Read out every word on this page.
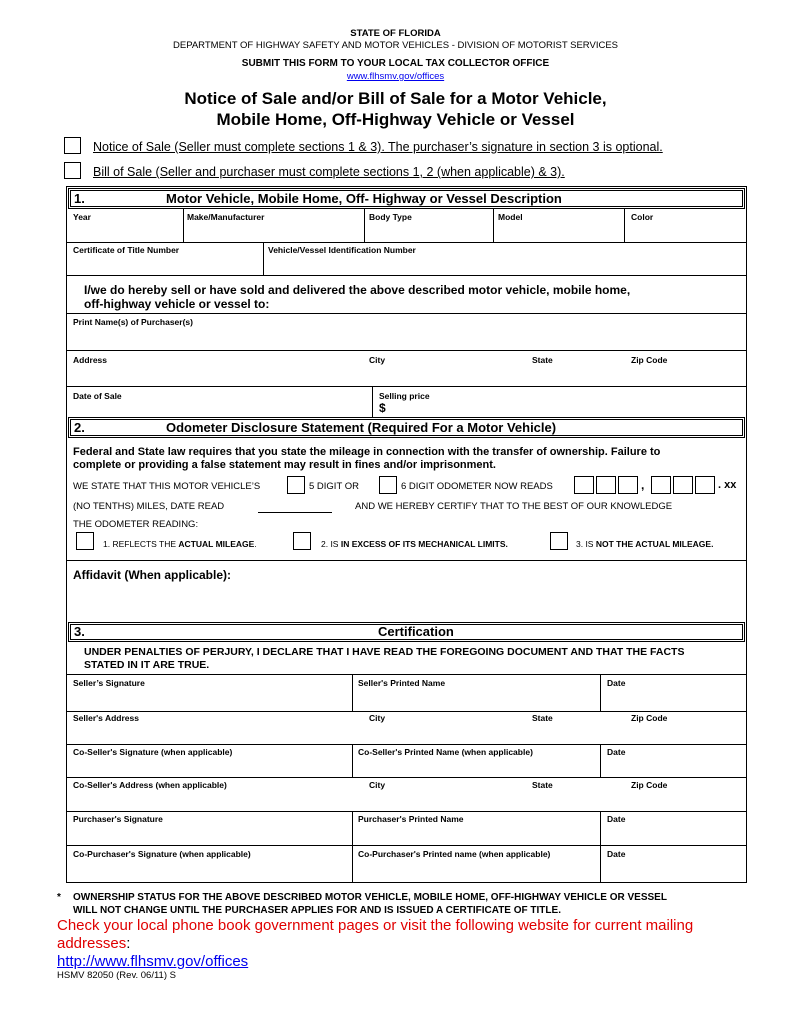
STATE OF FLORIDA
DEPARTMENT OF HIGHWAY SAFETY AND MOTOR VEHICLES - DIVISION OF MOTORIST SERVICES
SUBMIT THIS FORM TO YOUR LOCAL TAX COLLECTOR OFFICE
www.flhsmv.gov/offices
Notice of Sale and/or Bill of Sale for a Motor Vehicle,
Mobile Home, Off-Highway Vehicle or Vessel
Notice of Sale (Seller must complete sections 1 & 3). The purchaser’s signature in section 3 is optional.
Bill of Sale (Seller and purchaser must complete sections 1, 2 (when applicable) & 3).
1.	Motor Vehicle, Mobile Home, Off- Highway or Vessel Description
Year	Make/Manufacturer	Body Type	Model	Color
Certificate of Title Number	Vehicle/Vessel Identification Number
I/we do hereby sell or have sold and delivered the above described motor vehicle, mobile home,
off-highway vehicle or vessel to:
Print Name(s) of Purchaser(s)
Address	City	State	Zip Code
Date of Sale	Selling price
$
2.	Odometer Disclosure Statement (Required For a Motor Vehicle)
Federal and State law requires that you state the mileage in connection with the transfer of ownership. Failure to
complete or providing a false statement may result in fines and/or imprisonment.
WE STATE THAT THIS MOTOR VEHICLE’S	5 DIGIT OR	6 DIGIT ODOMETER NOW READS	,	. xx
(NO TENTHS) MILES, DATE READ	AND WE HEREBY CERTIFY THAT TO THE BEST OF OUR KNOWLEDGE
THE ODOMETER READING:
1. REFLECTS THE ACTUAL MILEAGE.	2. IS IN EXCESS OF ITS MECHANICAL LIMITS.	3. IS NOT THE ACTUAL MILEAGE.
Affidavit (When applicable):
3.	Certification
UNDER PENALTIES OF PERJURY, I DECLARE THAT I HAVE READ THE FOREGOING DOCUMENT AND THAT THE FACTS
STATED IN IT ARE TRUE.
Seller’s Signature	Seller's Printed Name	Date
Seller's Address	City	State	Zip Code
Co-Seller's Signature (when applicable)	Co-Seller's Printed Name (when applicable)	Date
Co-Seller's Address (when applicable)	City	State	Zip Code
Purchaser's Signature	Purchaser's Printed Name	Date
Co-Purchaser's Signature (when applicable)	Co-Purchaser's Printed name (when applicable)	Date
* OWNERSHIP STATUS FOR THE ABOVE DESCRIBED MOTOR VEHICLE, MOBILE HOME, OFF-HIGHWAY VEHICLE OR VESSEL
WILL NOT CHANGE UNTIL THE PURCHASER APPLIES FOR AND IS ISSUED A CERTIFICATE OF TITLE.
Check your local phone book government pages or visit the following website for current mailing
addresses:
http://www.flhsmv.gov/offices
HSMV 82050 (Rev. 06/11) S
